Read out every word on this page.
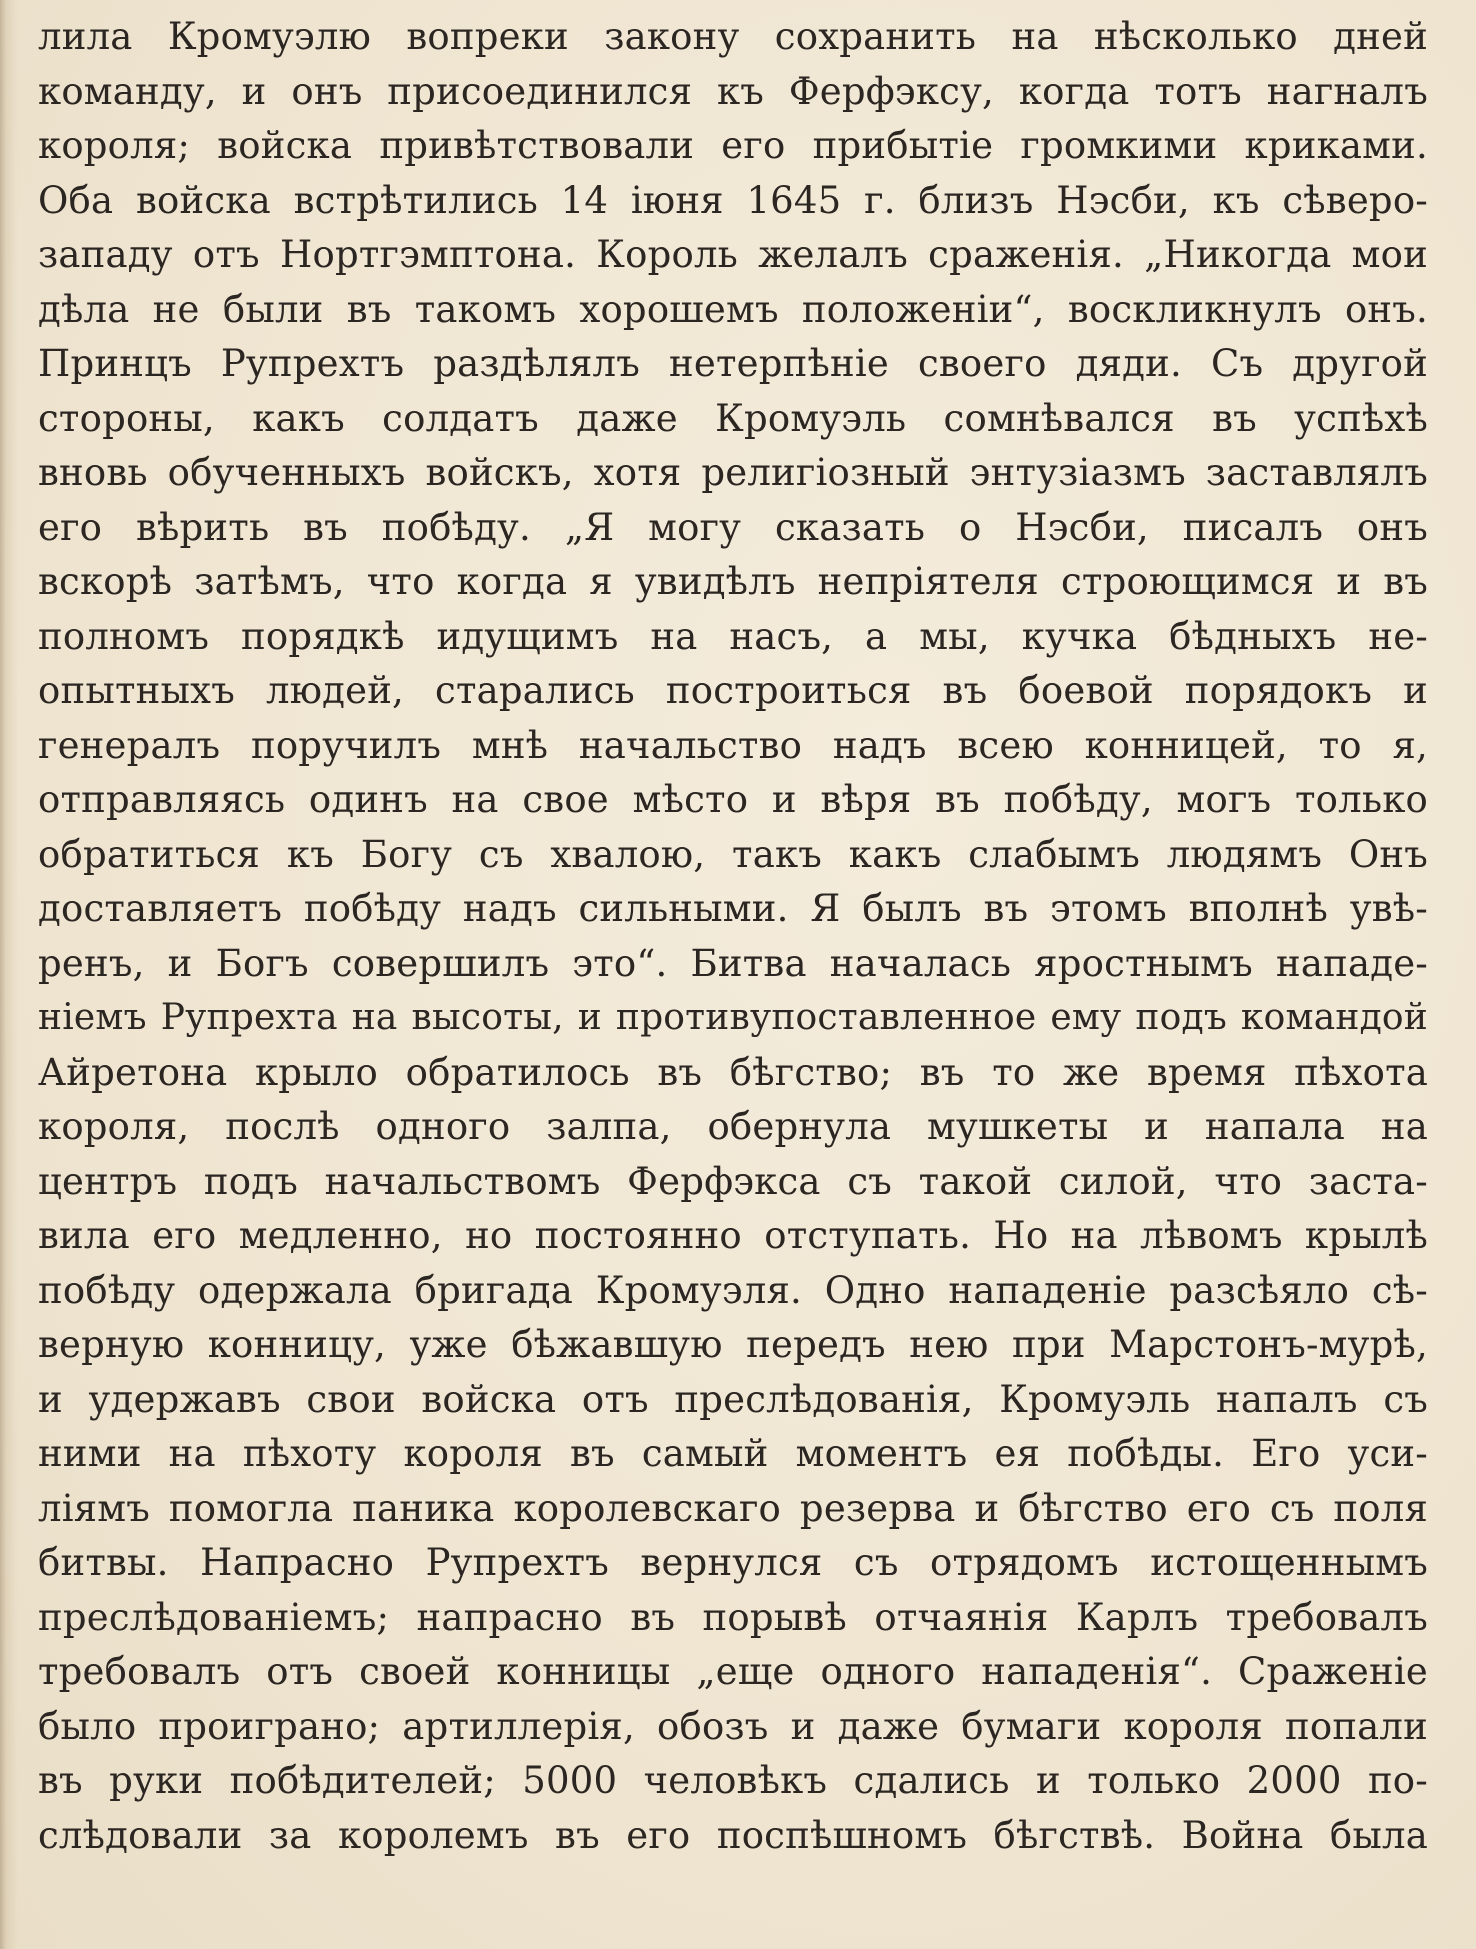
лила Кромуэлю вопреки закону сохранить на нѣсколько дней
команду, и онъ присоединился къ Ферфэксу, когда тотъ нагналъ
короля; войска привѣтствовали его прибытіе громкими криками.
Оба войска встрѣтились 14 іюня 1645 г. близъ Нэсби, къ сѣверо-
западу отъ Нортгэмптона. Король желалъ сраженія. „Никогда мои
дѣла не были въ такомъ хорошемъ положеніи“, воскликнулъ онъ.
Принцъ Рупрехтъ раздѣлялъ нетерпѣніе своего дяди. Съ другой
стороны, какъ солдатъ даже Кромуэль сомнѣвался въ успѣхѣ
вновь обученныхъ войскъ, хотя религіозный энтузіазмъ заставлялъ
его вѣрить въ побѣду. „Я могу сказать о Нэсби, писалъ онъ
вскорѣ затѣмъ, что когда я увидѣлъ непріятеля строющимся и въ
полномъ порядкѣ идущимъ на насъ, а мы, кучка бѣдныхъ не-
опытныхъ людей, старались построиться въ боевой порядокъ и
генералъ поручилъ мнѣ начальство надъ всею конницей, то я,
отправляясь одинъ на свое мѣсто и вѣря въ побѣду, могъ только
обратиться къ Богу съ хвалою, такъ какъ слабымъ людямъ Онъ
доставляетъ побѣду надъ сильными. Я былъ въ этомъ вполнѣ увѣ-
ренъ, и Богъ совершилъ это“. Битва началась яростнымъ нападе-
ніемъ Рупрехта на высоты, и противупоставленное ему подъ командой
Айретона крыло обратилось въ бѣгство; въ то же время пѣхота
короля, послѣ одного залпа, обернула мушкеты и напала на
центръ подъ начальствомъ Ферфэкса съ такой силой, что заста-
вила его медленно, но постоянно отступать. Но на лѣвомъ крылѣ
побѣду одержала бригада Кромуэля. Одно нападеніе разсѣяло сѣ-
верную конницу, уже бѣжавшую передъ нею при Марстонъ-мурѣ,
и удержавъ свои войска отъ преслѣдованія, Кромуэль напалъ съ
ними на пѣхоту короля въ самый моментъ ея побѣды. Его уси-
ліямъ помогла паника королевскаго резерва и бѣгство его съ поля
битвы. Напрасно Рупрехтъ вернулся съ отрядомъ истощеннымъ
преслѣдованіемъ; напрасно въ порывѣ отчаянія Карлъ требовалъ
требовалъ отъ своей конницы „еще одного нападенія“. Сраженіе
было проиграно; артиллерія, обозъ и даже бумаги короля попали
въ руки побѣдителей; 5000 человѣкъ сдались и только 2000 по-
слѣдовали за королемъ въ его поспѣшномъ бѣгствѣ. Война была
